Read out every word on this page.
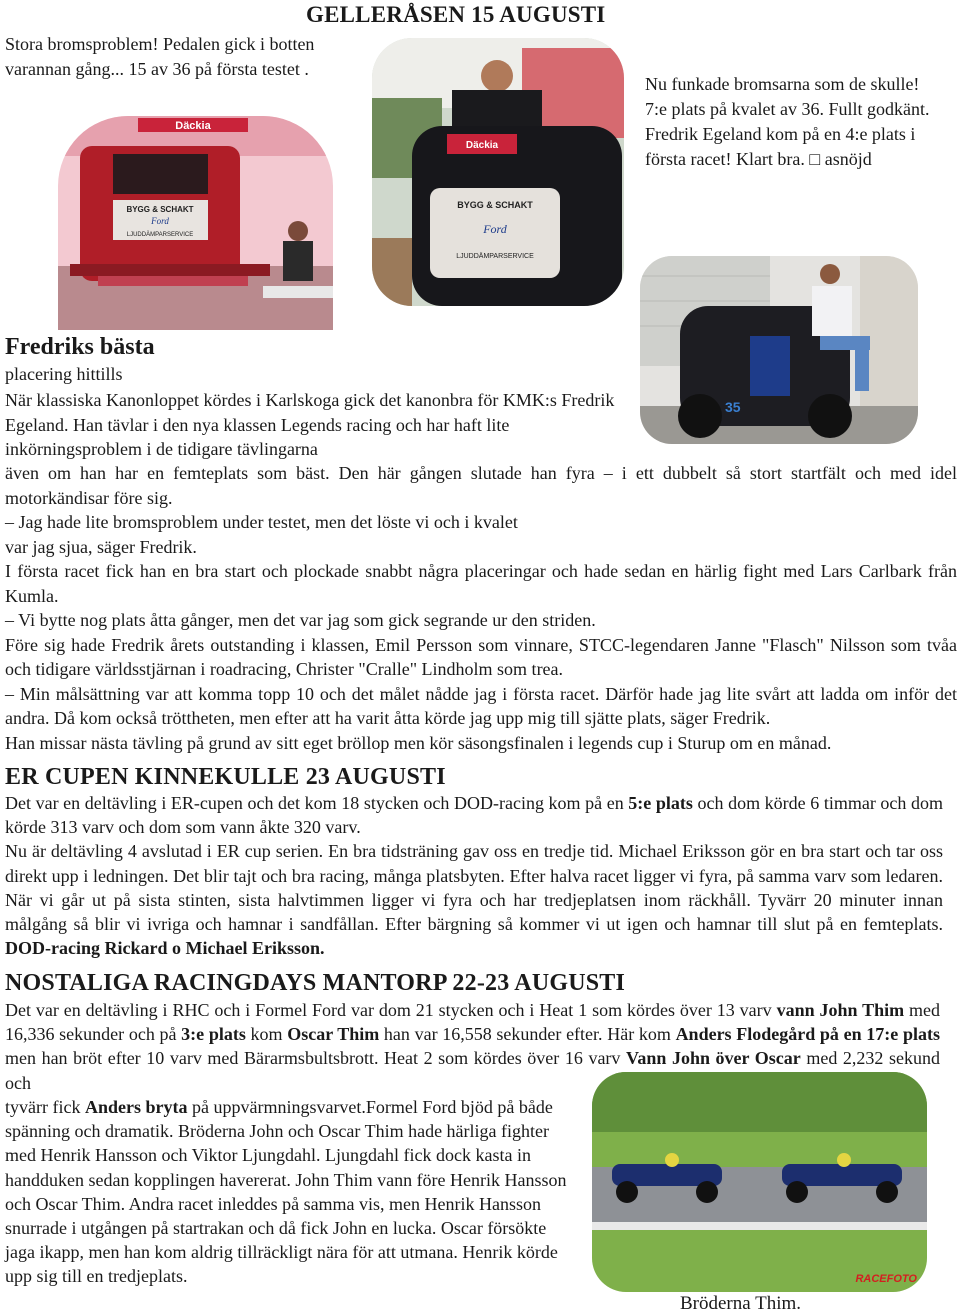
GELLERÅSEN 15 AUGUSTI
Stora bromsproblem! Pedalen gick i botten varannan gång... 15 av 36 på första testet .
Nu funkade bromsarna som de skulle! 7:e plats på kvalet av 36. Fullt godkänt. Fredrik Egeland kom på en 4:e plats i första racet! Klart bra. □ asnöjd
Däckia
BYGG & SCHAKT
Ford
LJUDDÄMPARSERVICE
Däckia
BYGG & SCHAKT
Ford
LJUDDÄMPARSERVICE
35
Fredriks bästa
placering hittills

När klassiska Kanonloppet kördes i Karlskoga gick det kanonbra för KMK:s Fredrik Egeland. Han tävlar i den nya klassen Legends racing och har haft lite inkörningsproblem i de tidigare tävlingarna

även om han har en femteplats som bäst. Den här gången slutade han fyra – i ett dubbelt så stort startfält och med idel motorkändisar före sig.

– Jag hade lite bromsproblem under testet, men det löste vi och i kvalet var jag sjua, säger Fredrik.

I första racet fick han en bra start och plockade snabbt några placeringar och hade sedan en härlig fight med Lars Carlbark från Kumla.

– Vi bytte nog plats åtta gånger, men det var jag som gick segrande ur den striden.

Före sig hade Fredrik årets outstanding i klassen, Emil Persson som vinnare, STCC-legendaren Janne "Flasch" Nilsson som tvåa och tidigare världsstjärnan i roadracing, Christer "Cralle" Lindholm som trea.

– Min målsättning var att komma topp 10 och det målet nådde jag i första racet. Därför hade jag lite svårt att ladda om inför det andra. Då kom också tröttheten, men efter att ha varit åtta körde jag upp mig till sjätte plats, säger Fredrik.

Han missar nästa tävling på grund av sitt eget bröllop men kör säsongsfinalen i legends cup i Sturup om en månad.

ER CUPEN KINNEKULLE 23 AUGUSTI

Det var en deltävling i ER-cupen och det kom 18 stycken och DOD-racing kom på en 5:e plats och dom körde 6 timmar och dom körde 313 varv och dom som vann åkte 320 varv.

Nu är deltävling 4 avslutad i ER cup serien. En bra tidsträning gav oss en tredje tid. Michael Eriksson gör en bra start och tar oss direkt upp i ledningen. Det blir tajt och bra racing, många platsbyten. Efter halva racet ligger vi fyra, på samma varv som ledaren. När vi går ut på sista stinten, sista halvtimmen ligger vi fyra och har tredjeplatsen inom räckhåll. Tyvärr 20 minuter innan målgång så blir vi ivriga och hamnar i sandfållan. Efter bärgning så kommer vi ut igen och hamnar till slut på en femteplats. DOD-racing Rickard o Michael Eriksson.

NOSTALIGA RACINGDAYS MANTORP 22-23 AUGUSTI

Det var en deltävling i RHC och i Formel Ford var dom 21 stycken och i Heat 1 som kördes över 13 varv vann John Thim med 16,336 sekunder och på 3:e plats kom Oscar Thim han var 16,558 sekunder efter. Här kom Anders Flodegård på en 17:e plats men han bröt efter 10 varv med Bärarmsbultsbrott. Heat 2 som kördes över 16 varv Vann John över Oscar med 2,232 sekund och

tyvärr fick Anders bryta på uppvärmningsvarvet.Formel Ford bjöd på både spänning och dramatik. Bröderna John och Oscar Thim hade härliga fighter med Henrik Hansson och Viktor Ljungdahl. Ljungdahl fick dock kasta in handduken sedan kopplingen havererat. John Thim vann före Henrik Hansson och Oscar Thim. Andra racet inleddes på samma vis, men Henrik Hansson snurrade i utgången på startrakan och då fick John en lucka. Oscar försökte jaga ikapp, men han kom aldrig tillräckligt nära för att utmana. Henrik körde upp sig till en tredjeplats.	RACEFOTO
Bröderna Thim.
